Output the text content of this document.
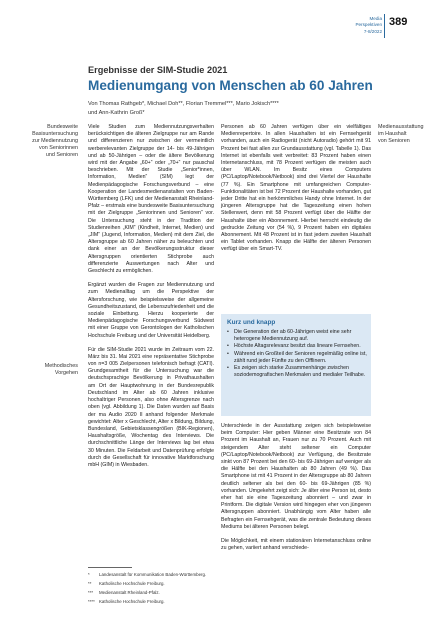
Media
Perspektiven
7-8/2022
389
Ergebnisse der SIM-Studie 2021
Medienumgang von Menschen ab 60 Jahren
Von Thomas Rathgeb*, Michael Doh**, Florian Tremmel***, Mario Jokisch****
und Ann-Kathrin Groß*
Bundesweite
Basisuntersuchung
zur Mediennutzung
von Seniorinnen
und Senioren
Methodisches
Vorgehen
Medienausstattung
im Haushalt
von Senioren

Viele Studien zum Mediennutzungsverhalten berücksichtigen die älteren Zielgruppe nur am Rande und differenzieren nur zwischen der vermeintlich werberelevanten Zielgruppe der 14- bis 49-Jährigen und ab 50-Jährigen – oder die ältere Bevölkerung wird mit der Angabe „60+“ oder „70+“ nur pauschal beschrieben. Mit der Studie „Senior*innen, Information, Medien“ (SIM) legt der Medienpädagogische Forschungsverbund – eine Kooperation der Landesmedienanstalten von Baden-Württemberg (LFK) und der Medienanstalt Rheinland-Pfalz – erstmals eine bundesweite Basisuntersuchung mit der Zielgruppe „Seniorinnen und Senioren“ vor. Die Untersuchung steht in der Tradition der Studienreihen „KIM“ (Kindheit, Internet, Medien) und „JIM“ (Jugend, Information, Medien) mit dem Ziel, die Altersgruppe ab 60 Jahren näher zu beleuchten und dank einer an der Bevölkerungsstruktur dieser Altersgruppen orientierten Stichprobe auch differenzierte Auswertungen nach Alter und Geschlecht zu ermöglichen.

Ergänzt wurden die Fragen zur Mediennutzung und zum Medienalltag um die Perspektive der Altersforschung, wie beispielsweise der allgemeine Gesundheitszustand, die Lebenszufriedenheit und die soziale Einbettung. Hierzu kooperierte der Medienpädagogische Forschungsverbund Südwest mit einer Gruppe von Gerontologen der Katholischen Hochschule Freiburg und der Universität Heidelberg.

Für die SIM-Studie 2021 wurde im Zeitraum vom 22. März bis 31. Mai 2021 eine repräsentative Stichprobe von n=3 005 Zielpersonen telefonisch befragt (CATI). Grundgesamtheit für die Untersuchung war die deutschsprachige Bevölkerung in Privathaushalten am Ort der Hauptwohnung in der Bundesrepublik Deutschland im Alter ab 60 Jahren inklusive hochaltriger Personen, also ohne Altersgrenze nach oben (vgl. Abbildung 1). Die Daten wurden auf Basis der ma Audio 2020 II anhand folgender Merkmale gewichtet: Alter x Geschlecht, Alter x Bildung, Bildung, Bundesland, Gebietsklassengrößen (BIK-Regionen), Haushaltsgröße, Wochentag des Interviews. Die durchschnittliche Länge der Interviews lag bei etwa 30 Minuten. Die Feldarbeit und Datenprüfung erfolgte durch die Gesellschaft für innovative Marktforschung mbH (GIM) in Wiesbaden.

Personen ab 60 Jahren verfügen über ein vielfältiges Medienrepertoire. In allen Haushalten ist ein Fernsehgerät vorhanden, auch ein Radiogerät (nicht Autoradio) gehört mit 91 Prozent bei fast allen zur Grundausstattung (vgl. Tabelle 1). Das Internet ist ebenfalls weit verbreitet: 83 Prozent haben einen Internetanschluss, mit 78 Prozent verfügen die meisten auch über WLAN. Im Besitz eines Computers (PC/Laptop/Notebook/Netbook) sind drei Viertel der Haushalte (77 %). Ein Smartphone mit umfangreichen Computer-Funktionalitäten ist bei 72 Prozent der Haushalte vorhanden, gut jeder Dritte hat ein herkömmliches Handy ohne Internet. In der jüngeren Altersgruppe hat die Tageszeitung einen hohen Stellenwert, denn mit 58 Prozent verfügt über die Hälfte der Haushalte über ein Abonnement. Hierbei herrscht eindeutig die gedruckte Zeitung vor (54 %), 9 Prozent haben ein digitales Abonnement. Mit 48 Prozent ist in fast jedem zweiten Haushalt ein Tablet vorhanden. Knapp die Hälfte der älteren Personen verfügt über ein Smart-TV.

Kurz und knapp
• Die Generation der ab 60-Jährigen weist eine sehr heterogene Mediennutzung auf.
• Höchste Altagsrelevanz besitzt das lineare Fernsehen.
• Während ein Großteil der Senioren regelmäßig online ist, zählt rund jeder Fünfte zu den Offlinern.
• Es zeigen sich starke Zusammenhänge zwischen soziodemografischen Merkmalen und medialer Teilhabe.

Unterschiede in der Ausstattung zeigen sich beispielsweise beim Computer: Hier geben Männer eine Besitzrate von 84 Prozent im Haushalt an, Frauen nur zu 70 Prozent. Auch mit steigendem Alter steht seltener ein Computer (PC/Laptop/Notebook/Netbook) zur Verfügung, die Besitzrate sinkt von 87 Prozent bei den 60- bis 69-Jährigen auf weniger als die Hälfte bei den Haushalten ab 80 Jahren (49 %). Das Smartphone ist mit 41 Prozent in der Altersgruppe ab 80 Jahren deutlich seltener als bei den 60- bis 69-Jährigen (85 %) vorhanden. Umgekehrt zeigt sich: Je älter eine Person ist, desto eher hat sie eine Tageszeitung abonniert – und zwar in Printform. Die digitale Version wird hingegen eher von jüngeren Altersgruppen abonniert. Unabhängig vom Alter haben alle Befragten ein Fernsehgerät, was die zentrale Bedeutung dieses Mediums bei älteren Personen belegt.

Die Möglichkeit, mit einem stationären Internetanschluss online zu gehen, variiert anhand verschiede-

* Landesanstalt für Kommunikation Baden-Württemberg.
** Katholische Hochschule Freiburg.
*** Medienanstalt Rheinland-Pfalz.
**** Katholische Hochschule Freiburg.
